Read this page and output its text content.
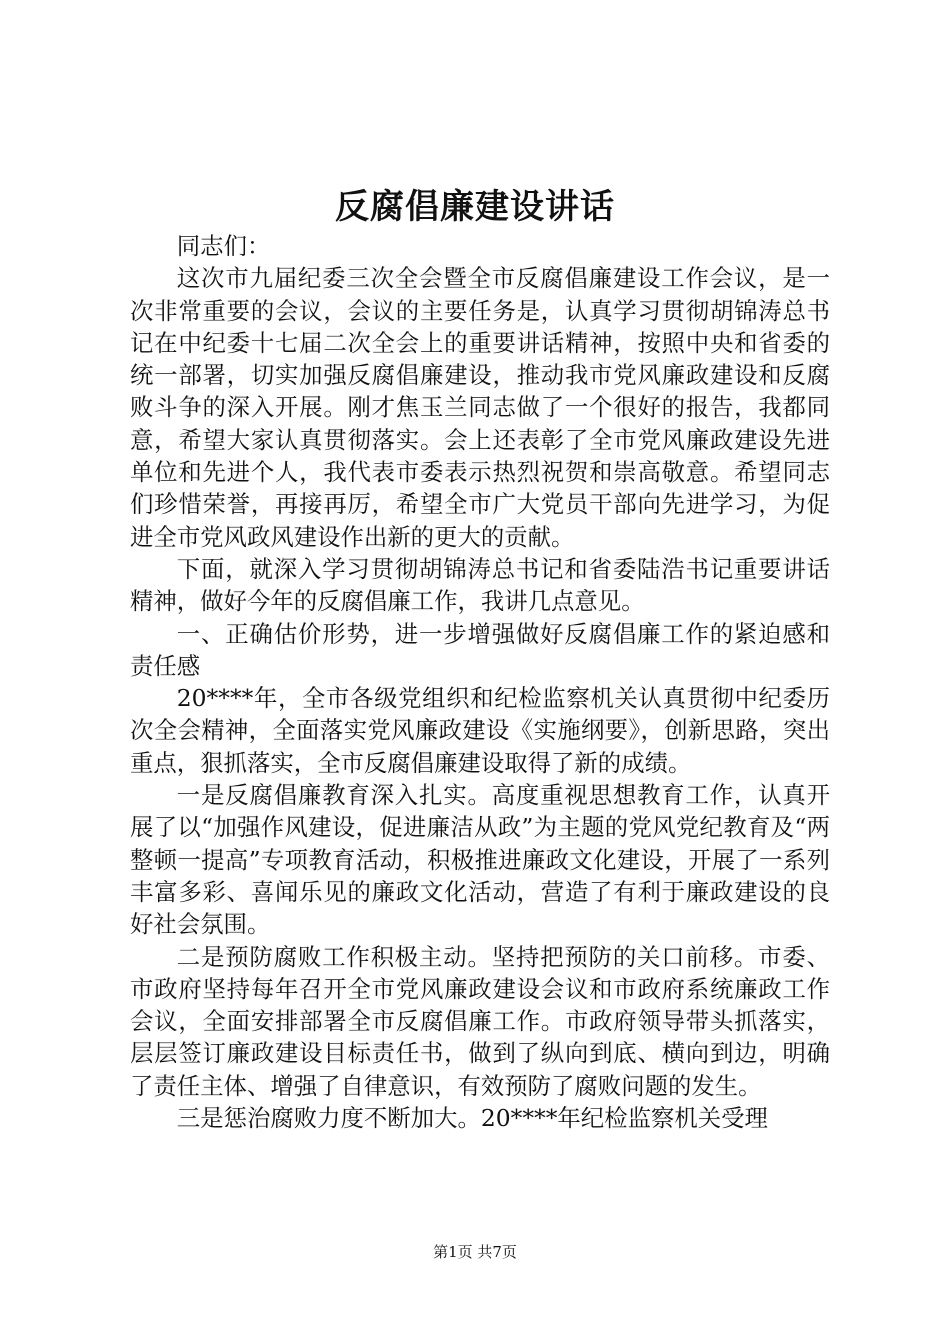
反腐倡廉建设讲话

同志们：

这次市九届纪委三次全会暨全市反腐倡廉建设工作会议，是一次非常重要的会议，会议的主要任务是，认真学习贯彻胡锦涛总书记在中纪委十七届二次全会上的重要讲话精神，按照中央和省委的统一部署，切实加强反腐倡廉建设，推动我市党风廉政建设和反腐败斗争的深入开展。刚才焦玉兰同志做了一个很好的报告，我都同意，希望大家认真贯彻落实。会上还表彰了全市党风廉政建设先进单位和先进个人，我代表市委表示热烈祝贺和崇高敬意。希望同志们珍惜荣誉，再接再厉，希望全市广大党员干部向先进学习，为促进全市党风政风建设作出新的更大的贡献。

下面，就深入学习贯彻胡锦涛总书记和省委陆浩书记重要讲话精神，做好今年的反腐倡廉工作，我讲几点意见。

一、正确估价形势，进一步增强做好反腐倡廉工作的紧迫感和责任感

20****年，全市各级党组织和纪检监察机关认真贯彻中纪委历次全会精神，全面落实党风廉政建设《实施纲要》，创新思路，突出重点，狠抓落实，全市反腐倡廉建设取得了新的成绩。

一是反腐倡廉教育深入扎实。高度重视思想教育工作，认真开展了以“加强作风建设，促进廉洁从政”为主题的党风党纪教育及“两整顿一提高”专项教育活动，积极推进廉政文化建设，开展了一系列丰富多彩、喜闻乐见的廉政文化活动，营造了有利于廉政建设的良好社会氛围。

二是预防腐败工作积极主动。坚持把预防的关口前移。市委、市政府坚持每年召开全市党风廉政建设会议和市政府系统廉政工作会议，全面安排部署全市反腐倡廉工作。市政府领导带头抓落实，层层签订廉政建设目标责任书，做到了纵向到底、横向到边，明确了责任主体、增强了自律意识，有效预防了腐败问题的发生。

三是惩治腐败力度不断加大。20****年纪检监察机关受理

第1页 共7页
